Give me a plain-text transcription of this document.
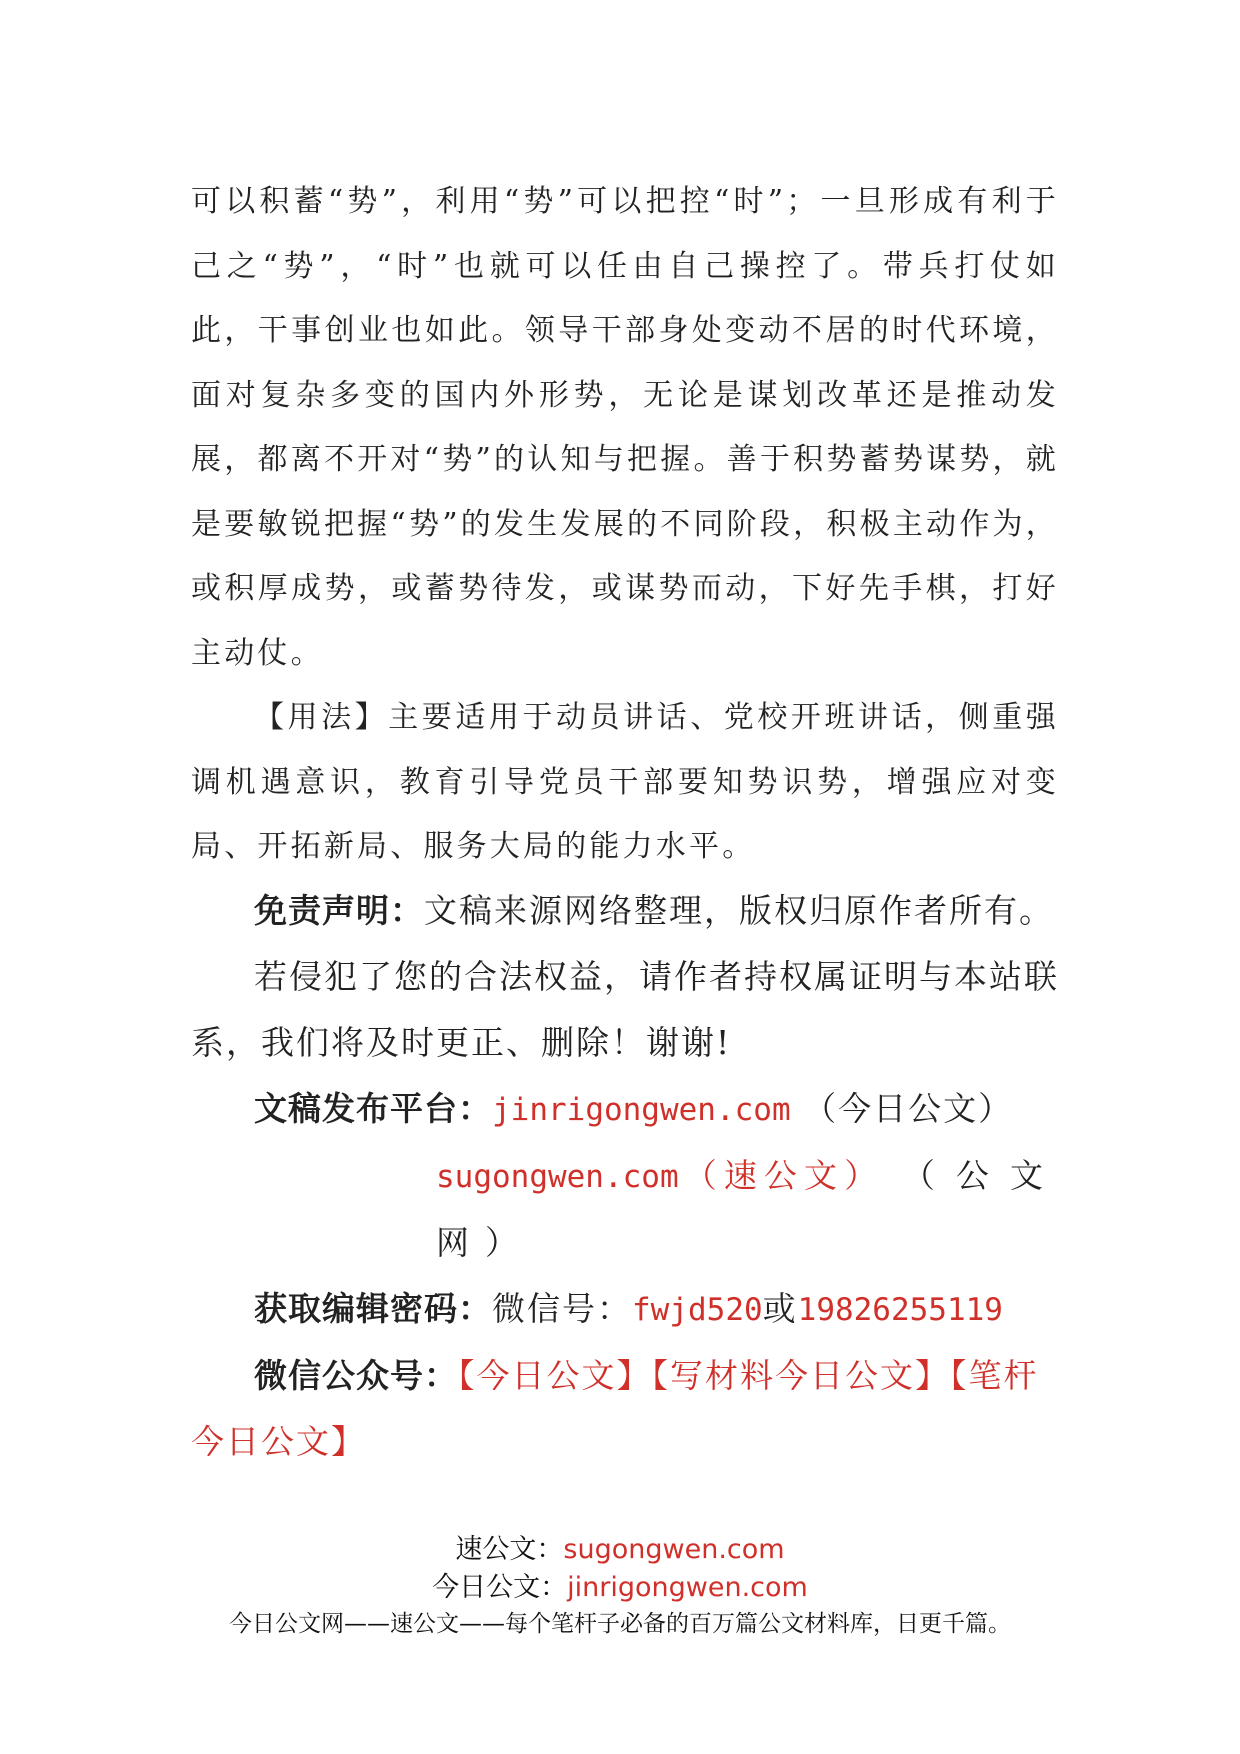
可以积蓄“势”，利用“势”可以把控“时”；一旦形成有利于己之“势”，“时”也就可以任由自己操控了。带兵打仗如此，干事创业也如此。领导干部身处变动不居的时代环境，面对复杂多变的国内外形势，无论是谋划改革还是推动发展，都离不开对“势”的认知与把握。善于积势蓄势谋势，就是要敏锐把握“势”的发生发展的不同阶段，积极主动作为，或积厚成势，或蓄势待发，或谋势而动，下好先手棋，打好主动仗。

【用法】主要适用于动员讲话、党校开班讲话，侧重强调机遇意识，教育引导党员干部要知势识势，增强应对变局、开拓新局、服务大局的能力水平。

免责声明：文稿来源网络整理，版权归原作者所有。

若侵犯了您的合法权益，请作者持权属证明与本站联系，我们将及时更正、删除！谢谢!

文稿发布平台：jinrigongwen.com （今日公文）

sugongwen.com（速公文） （公文网）

获取编辑密码：微信号：fwjd520或19826255119

微信公众号：【今日公文】【写材料今日公文】【笔杆今日公文】

速公文：sugongwen.com
今日公文：jinrigongwen.com
今日公文网——速公文——每个笔杆子必备的百万篇公文材料库，日更千篇。
